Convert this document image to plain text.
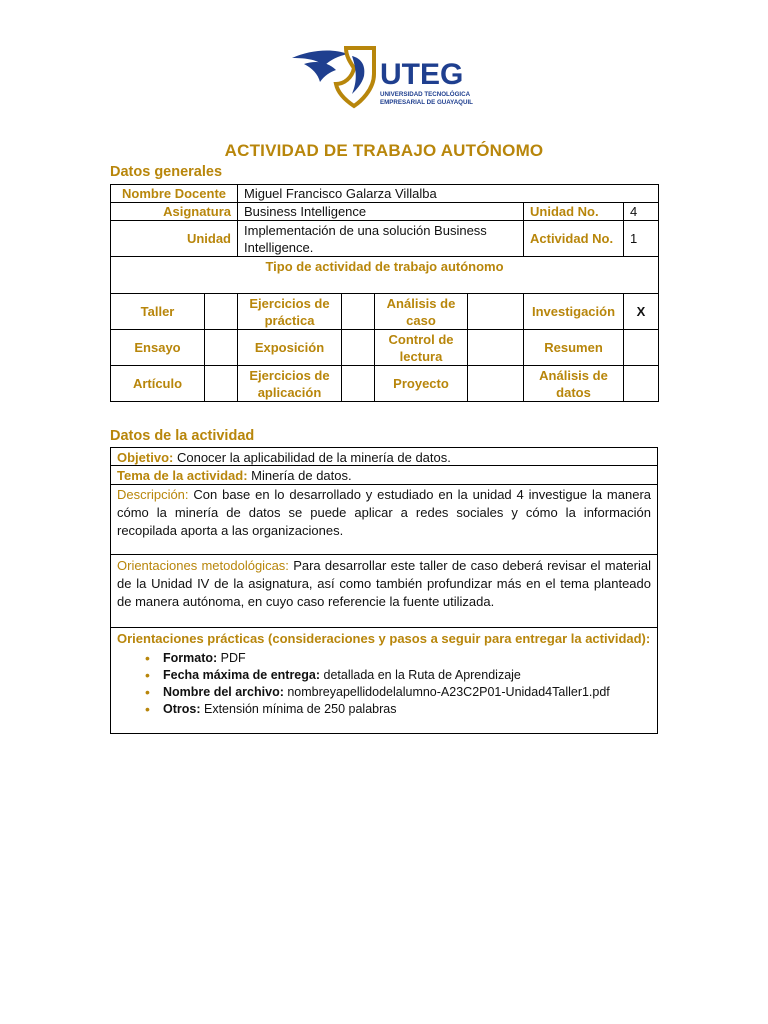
UTEG
UNIVERSIDAD TECNOLÓGICA
EMPRESARIAL DE GUAYAQUIL
ACTIVIDAD DE TRABAJO AUTÓNOMO
Datos generales
Nombre Docente		Miguel Francisco Galarza Villalba					
Asignatura		Business Intelligence				Unidad No.	4
Unidad		Implementación de una solución Business Intelligence.				Actividad No.	1
Tipo de actividad de trabajo autónomo							
Taller		Ejercicios de práctica		Análisis de caso		Investigación	X
Ensayo		Exposición		Control de lectura		Resumen	
Artículo		Ejercicios de aplicación		Proyecto		Análisis de datos	
Datos de la actividad
Objetivo: Conocer la aplicabilidad de la minería de datos.
Tema de la actividad: Minería de datos.
Descripción: Con base en lo desarrollado y estudiado en la unidad 4 investigue la manera cómo la minería de datos se puede aplicar a redes sociales y cómo la información recopilada aporta a las organizaciones.
Orientaciones metodológicas: Para desarrollar este taller de caso deberá revisar el material de la Unidad IV de la asignatura, así como también profundizar más en el tema planteado de manera autónoma, en cuyo caso referencie la fuente utilizada.
Orientaciones prácticas (consideraciones y pasos a seguir para entregar la actividad):
• Formato: PDF
• Fecha máxima de entrega: detallada en la Ruta de Aprendizaje
• Nombre del archivo: nombreyapellidodelalumno-A23C2P01-Unidad4Taller1.pdf
• Otros: Extensión mínima de 250 palabras
